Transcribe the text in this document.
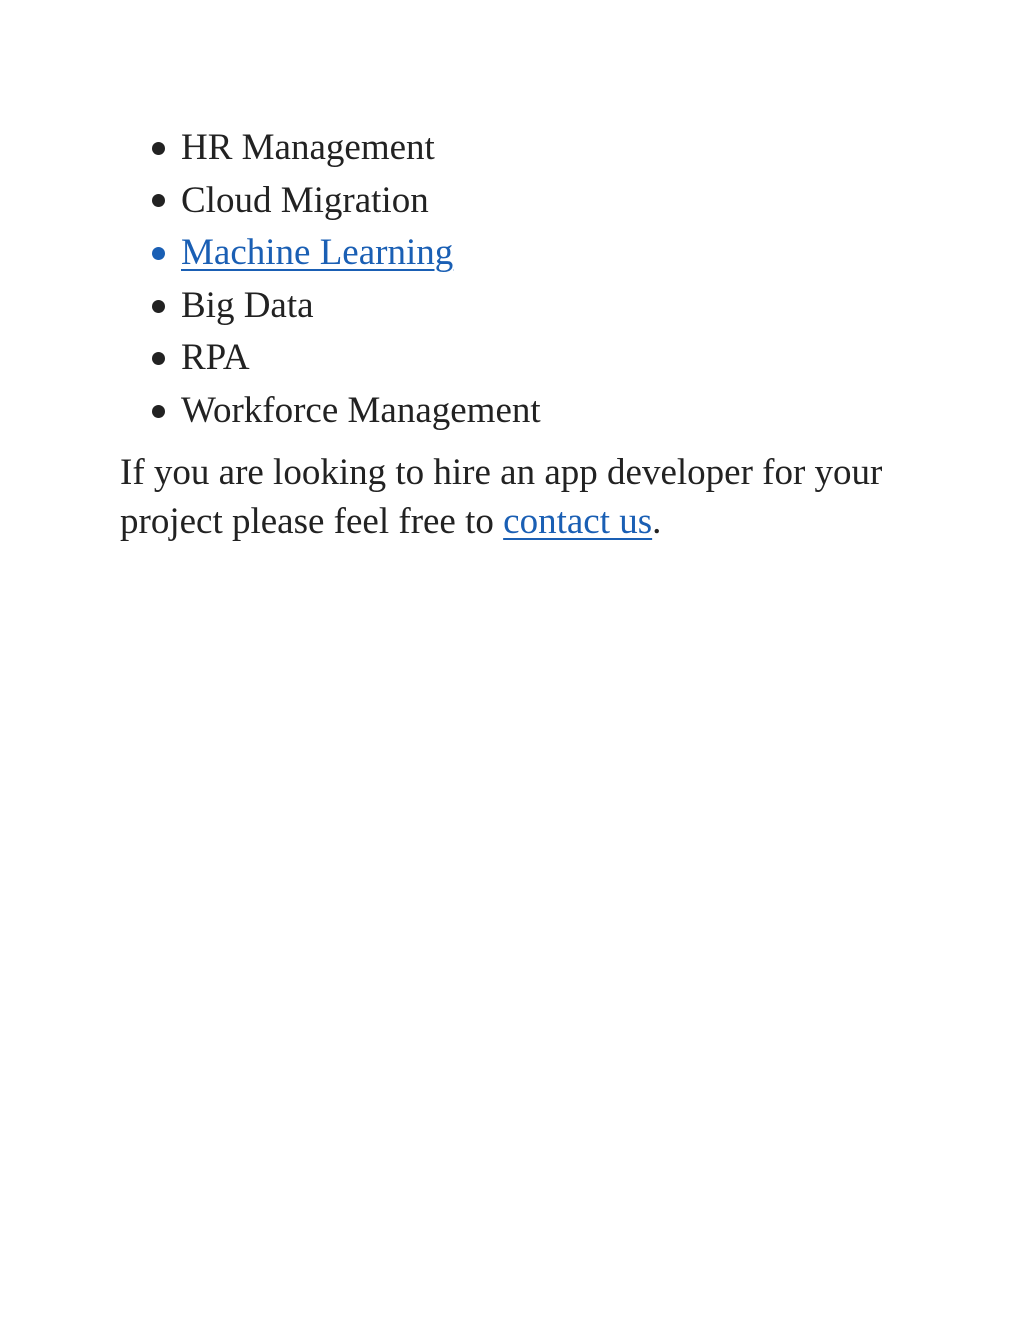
HR Management
Cloud Migration
Machine Learning
Big Data
RPA
Workforce Management

If you are looking to hire an app developer for your project please feel free to contact us.
